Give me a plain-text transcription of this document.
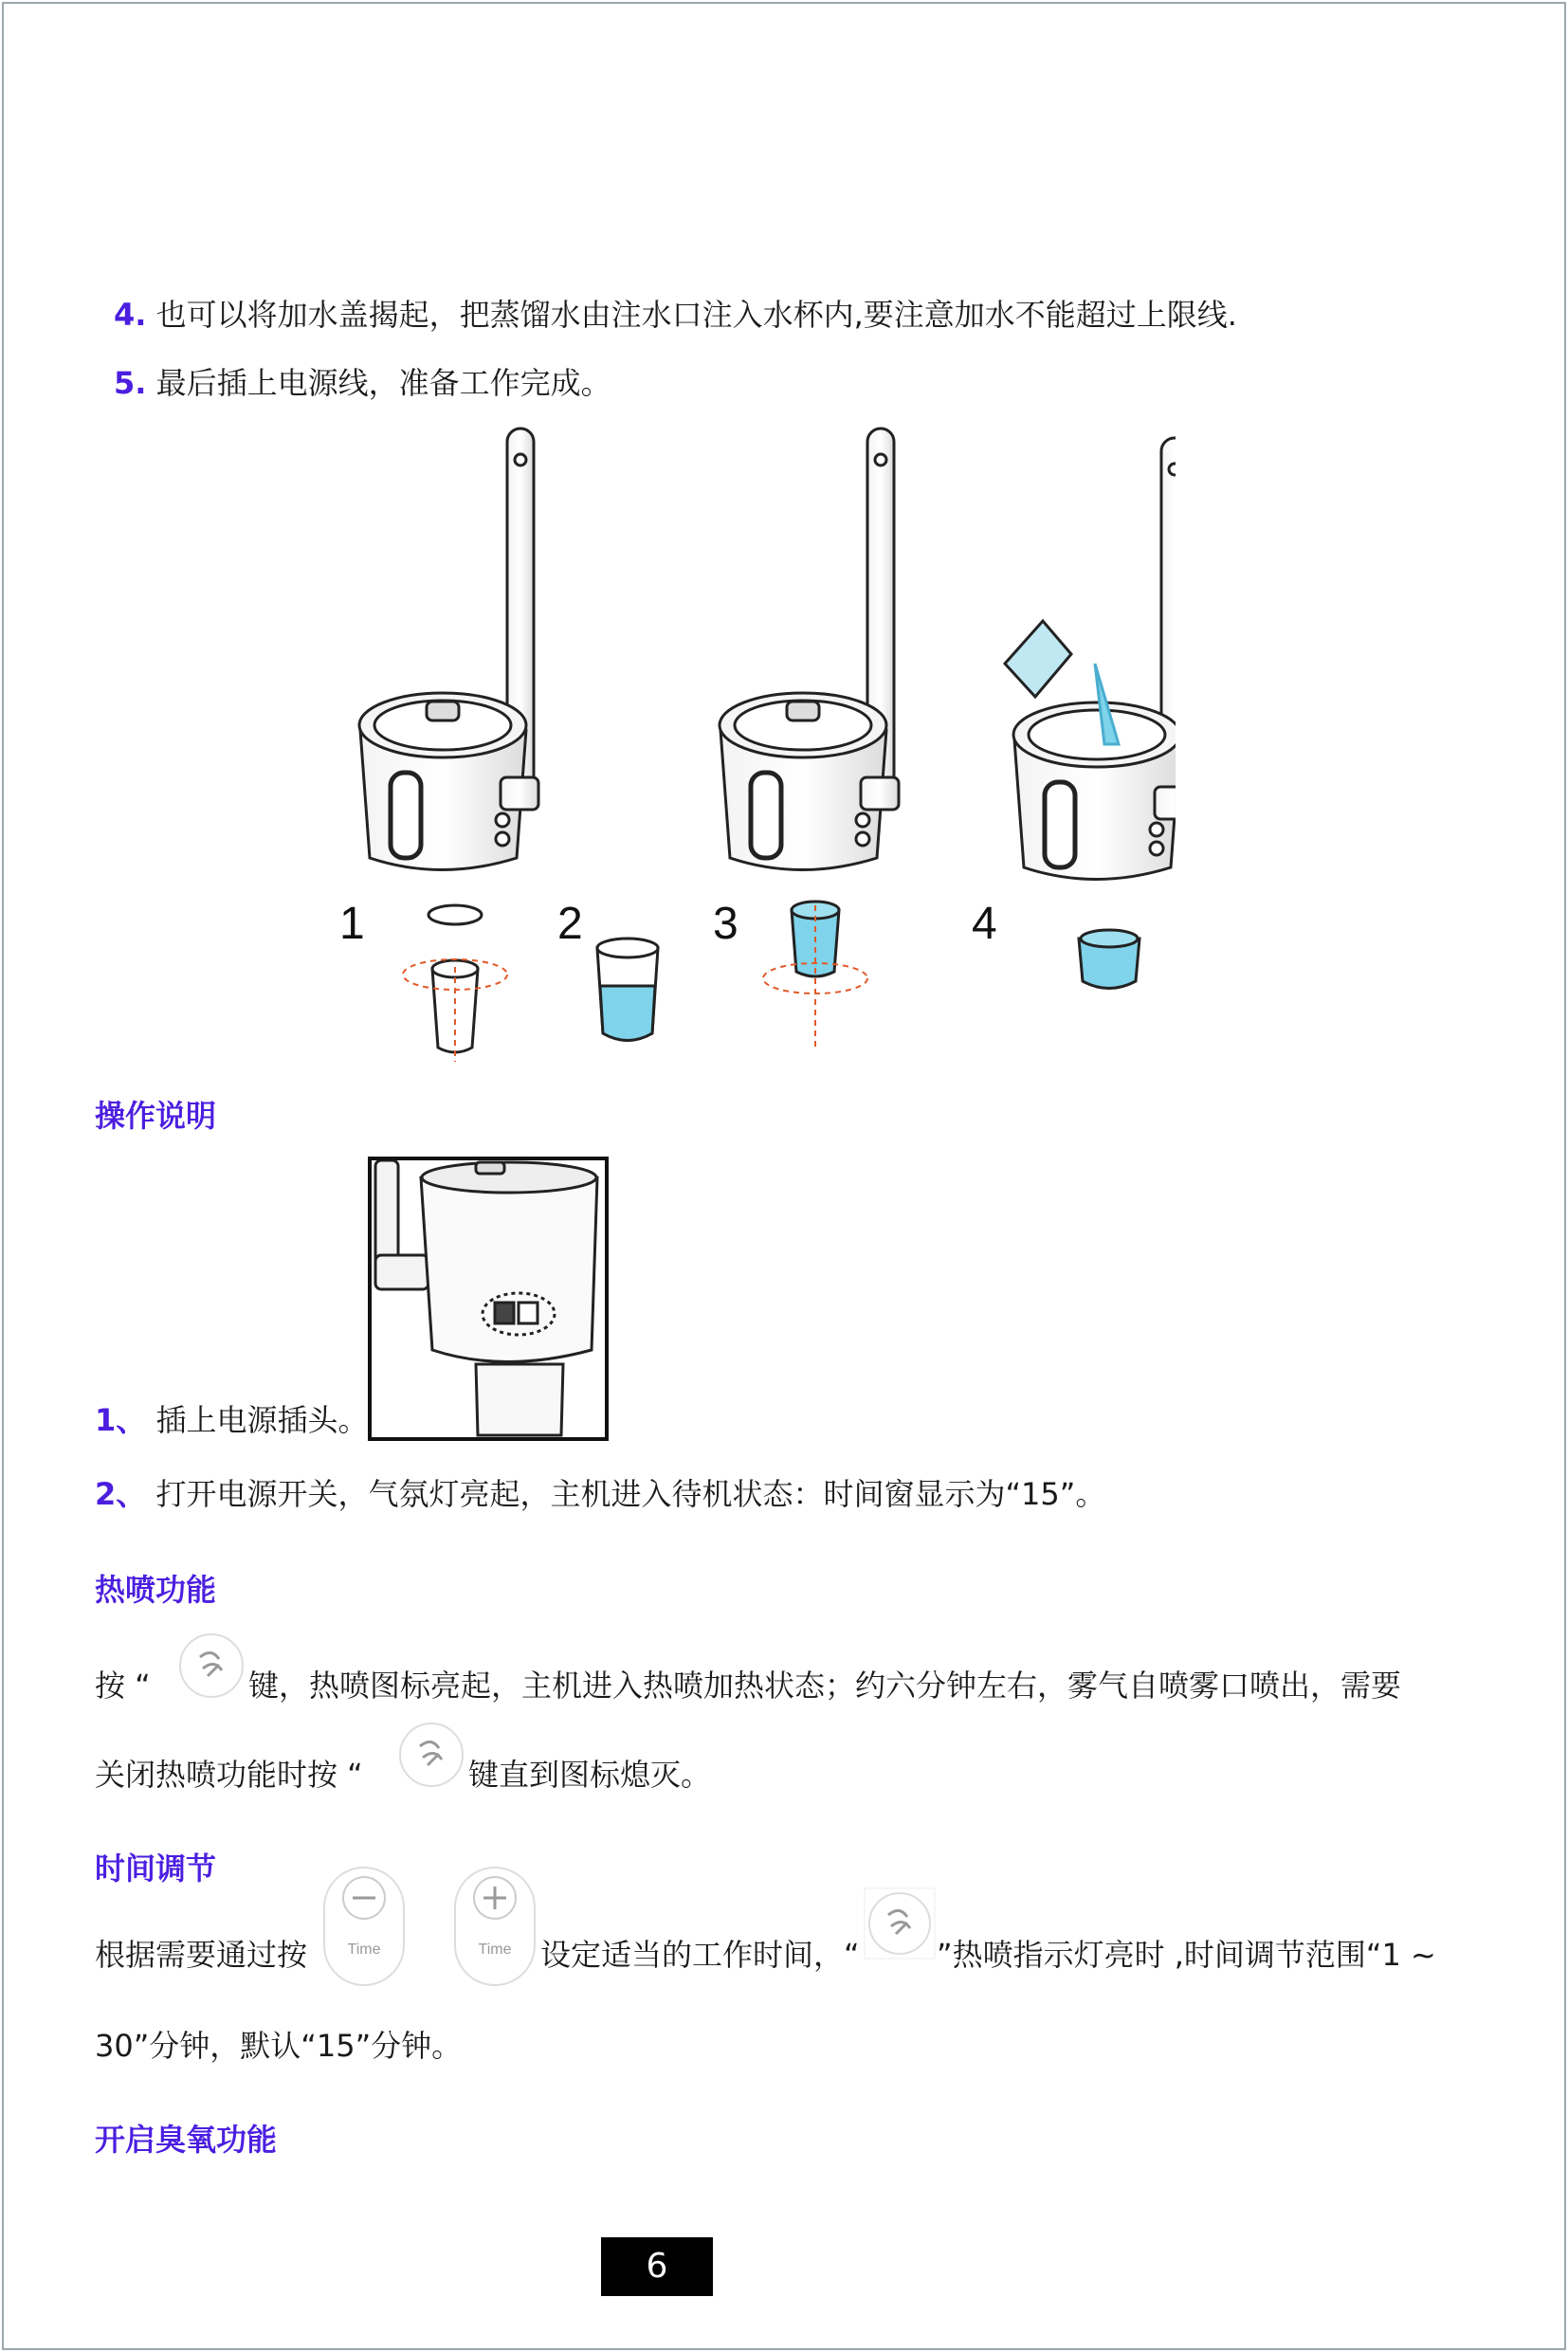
4. 也可以将加水盖揭起，把蒸馏水由注水口注入水杯内,要注意加水不能超过上限线.
5. 最后插上电源线，准备工作完成。
1	2	3	4
操作说明
1、 插上电源插头。
2、 打开电源开关，气氛灯亮起，主机进入待机状态：时间窗显示为“15”。
热喷功能
按 “	键，热喷图标亮起，主机进入热喷加热状态；约六分钟左右，雾气自喷雾口喷出，需要
关闭热喷功能时按 “	键直到图标熄灭。
时间调节
根据需要通过按	Time	Time 设定适当的工作时间，“	”热喷指示灯亮时 ,时间调节范围“1 ~
30”分钟，默认“15”分钟。
开启臭氧功能
6
